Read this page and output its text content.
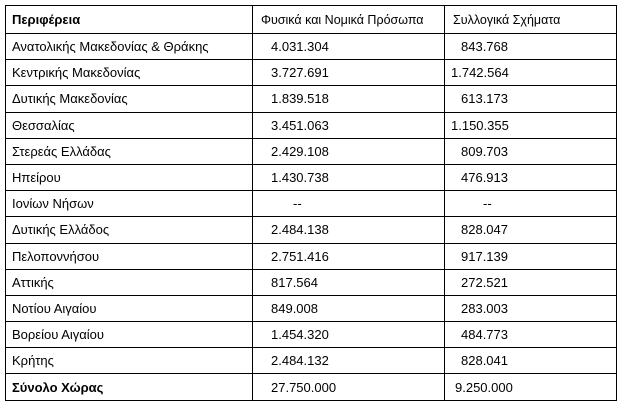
Περιφέρεια	Φυσικά και Νομικά Πρόσωπα	Συλλογικά Σχήματα
Ανατολικής Μακεδονίας & Θράκης	4.031.304	843.768
Κεντρικής Μακεδονίας	3.727.691	1.742.564
Δυτικής Μακεδονίας	1.839.518	613.173
Θεσσαλίας	3.451.063	1.150.355
Στερεάς Ελλάδας	2.429.108	809.703
Ηπείρου	1.430.738	476.913
Ιονίων Νήσων	--	--
Δυτικής Ελλάδος	2.484.138	828.047
Πελοποννήσου	2.751.416	917.139
Αττικής	817.564	272.521
Νοτίου Αιγαίου	849.008	283.003
Βορείου Αιγαίου	1.454.320	484.773
Κρήτης	2.484.132	828.041
Σύνολο Χώρας	27.750.000	9.250.000
